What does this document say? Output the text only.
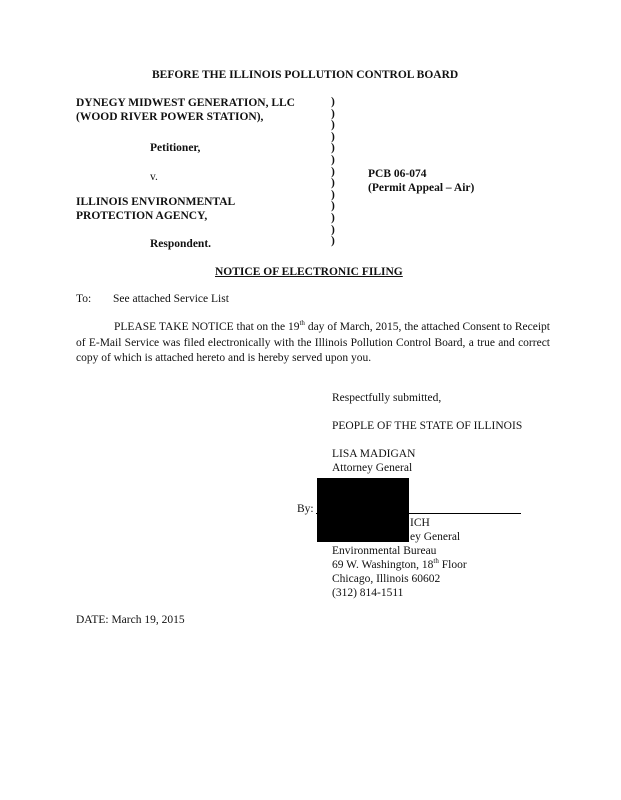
BEFORE THE ILLINOIS POLLUTION CONTROL BOARD
DYNEGY MIDWEST GENERATION, LLC
(WOOD RIVER POWER STATION),
Petitioner,
v.
ILLINOIS ENVIRONMENTAL
PROTECTION AGENCY,
Respondent.
)
)
)
)
)
)
)
)
)
)
)
)
)
PCB 06-074
(Permit Appeal – Air)
NOTICE OF ELECTRONIC FILING
To: See attached Service List
PLEASE TAKE NOTICE that on the 19th day of March, 2015, the attached Consent to Receipt of E-Mail Service was filed electronically with the Illinois Pollution Control Board, a true and correct copy of which is attached hereto and is hereby served upon you.
Respectfully submitted,
PEOPLE OF THE STATE OF ILLINOIS
LISA MADIGAN
Attorney General
By:
ICH
ey General
Environmental Bureau
69 W. Washington, 18th Floor
Chicago, Illinois 60602
(312) 814-1511
DATE: March 19, 2015
